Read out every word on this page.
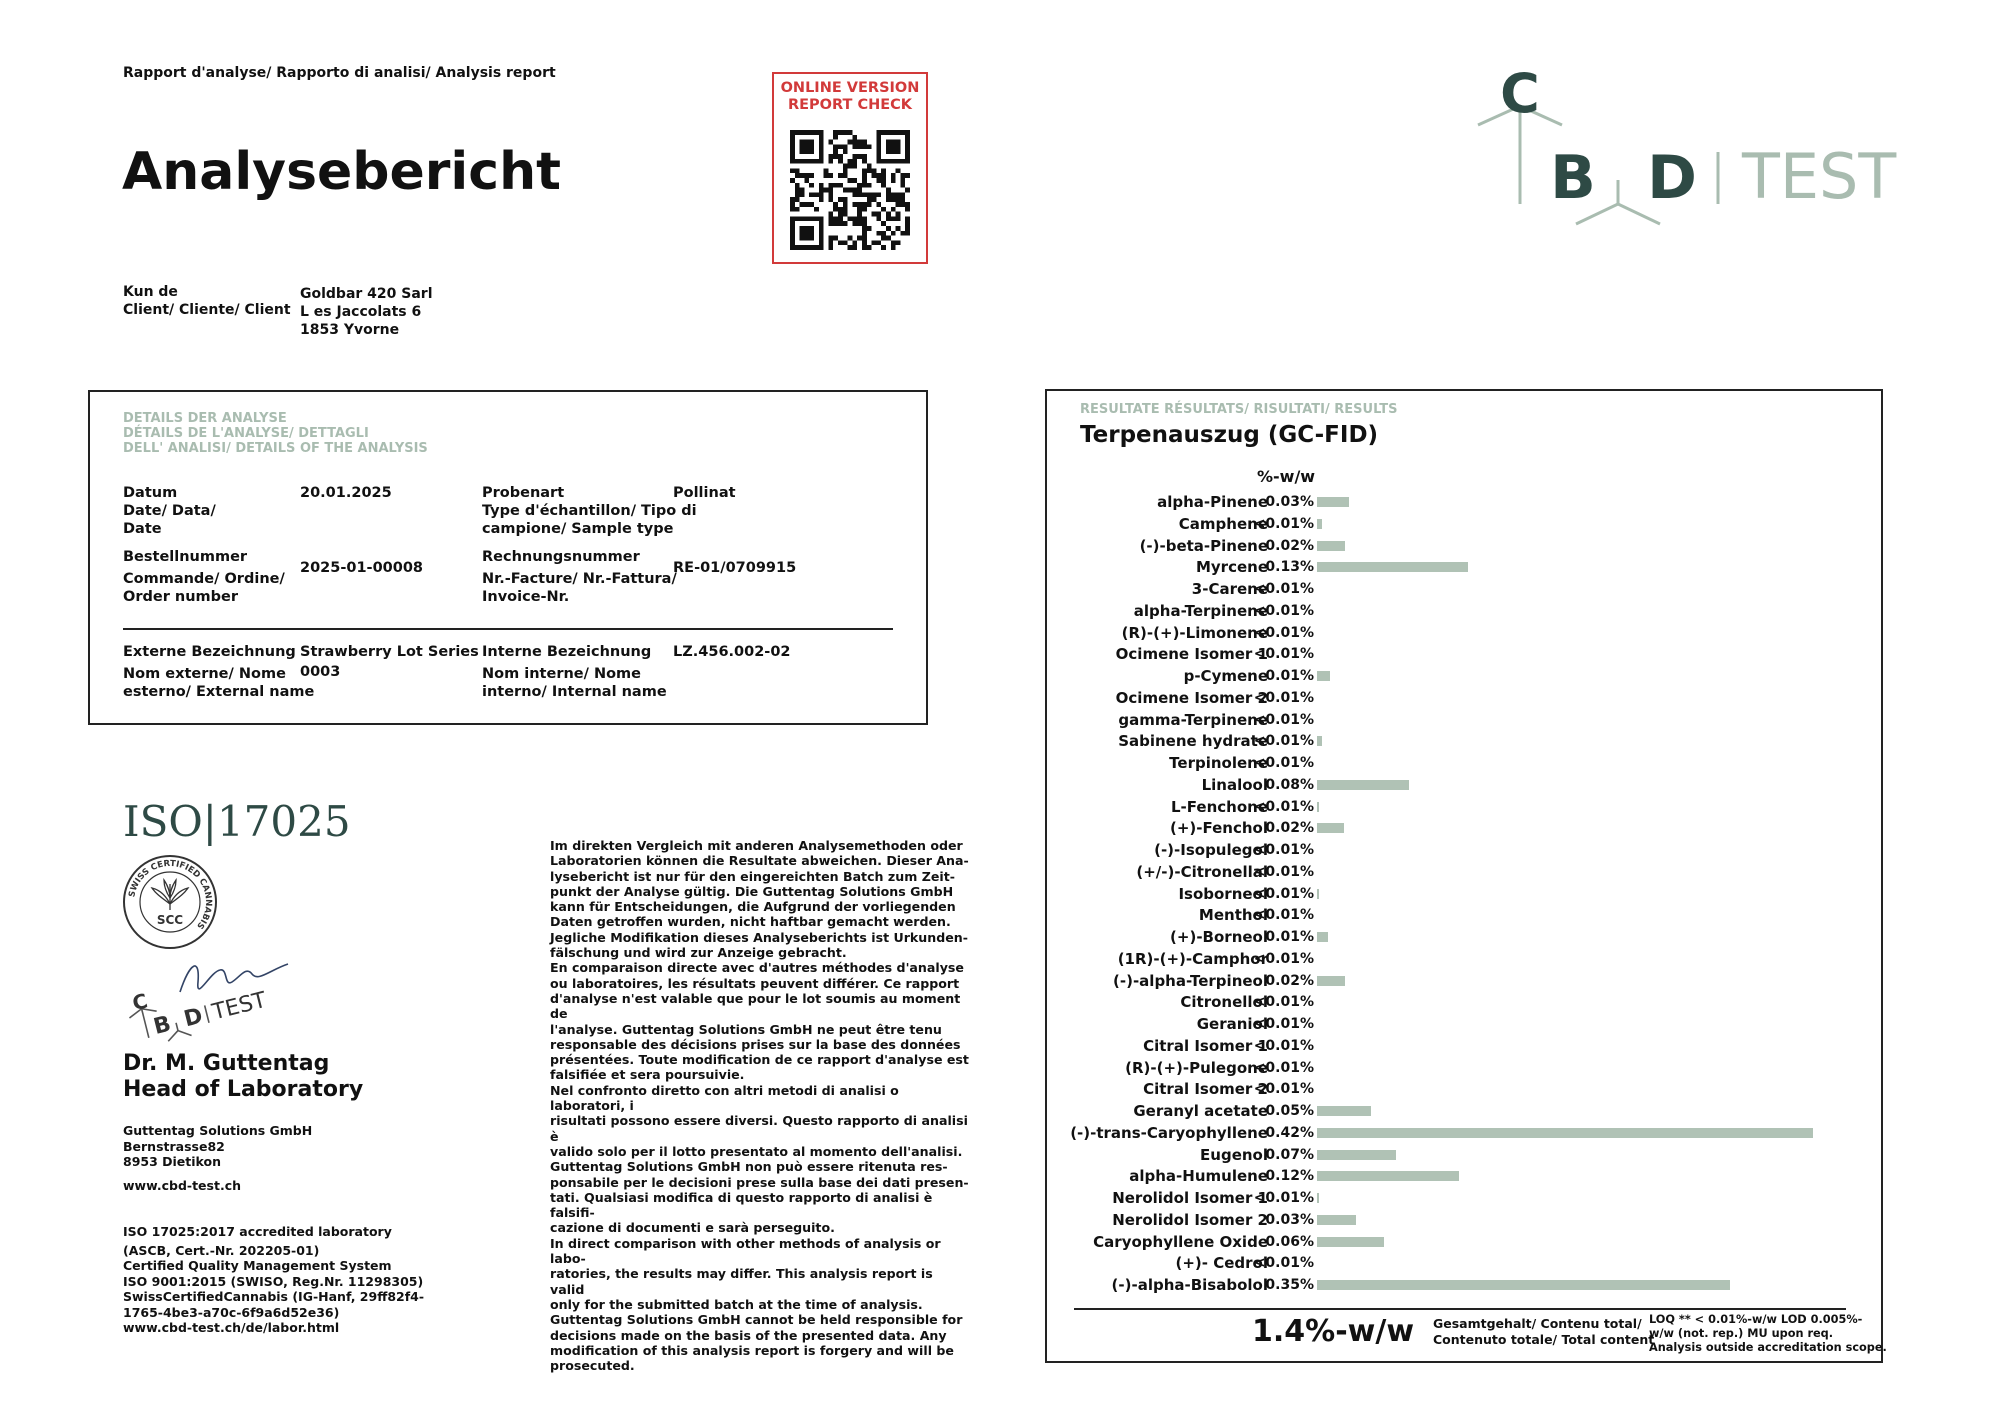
Rapport d'analyse/ Rapporto di analisi/ Analysis report
Analysebericht
ONLINE VERSION
REPORT CHECK	C
B D TEST
Kun de
Client/ Cliente/ Client
Goldbar 420 Sarl
L es Jaccolats 6
1853 Yvorne
DETAILS DER ANALYSE
DÉTAILS DE L'ANALYSE/ DETTAGLI
DELL' ANALISI/ DETAILS OF THE ANALYSIS
Datum
Date/ Data/
Date
20.01.2025	Probenart
Type d'échantillon/ Tipo di
campione/ Sample type
Pollinat
Bestellnummer
Commande/ Ordine/
Order number
2025-01-00008
Rechnungsnummer
Nr.-Facture/ Nr.-Fattura/
Invoice-Nr.
RE-01/0709915
Externe Bezeichnung
Nom externe/ Nome
esterno/ External name
Strawberry Lot Series
0003
Interne Bezeichnung
Nom interne/ Nome
interno/ Internal name
LZ.456.002-02
ISO|17025
SWISS CERTIFIED CANNABIS
SCC
C
B D TEST
Dr. M. Guttentag
Head of Laboratory
Guttentag Solutions GmbH
Bernstrasse82
8953 Dietikon
www.cbd-test.ch
ISO 17025:2017 accredited laboratory
(ASCB, Cert.-Nr. 202205-01)
Certified Quality Management System
ISO 9001:2015 (SWISO, Reg.Nr. 11298305)
SwissCertifiedCannabis (IG-Hanf, 29ff82f4-
1765-4be3-a70c-6f9a6d52e36)
www.cbd-test.ch/de/labor.html
Im direkten Vergleich mit anderen Analysemethoden oder
Laboratorien können die Resultate abweichen. Dieser Ana-
lysebericht ist nur für den eingereichten Batch zum Zeit-
punkt der Analyse gültig. Die Guttentag Solutions GmbH
kann für Entscheidungen, die Aufgrund der vorliegenden
Daten getroffen wurden, nicht haftbar gemacht werden.
Jegliche Modifikation dieses Analyseberichts ist Urkunden-
fälschung und wird zur Anzeige gebracht.
En comparaison directe avec d'autres méthodes d'analyse
ou laboratoires, les résultats peuvent différer. Ce rapport
d'analyse n'est valable que pour le lot soumis au moment de
l'analyse. Guttentag Solutions GmbH ne peut être tenu
responsable des décisions prises sur la base des données
présentées. Toute modification de ce rapport d'analyse est
falsifiée et sera poursuivie.
Nel confronto diretto con altri metodi di analisi o laboratori, i
risultati possono essere diversi. Questo rapporto di analisi è
valido solo per il lotto presentato al momento dell'analisi.
Guttentag Solutions GmbH non può essere ritenuta res-
ponsabile per le decisioni prese sulla base dei dati presen-
tati. Qualsiasi modifica di questo rapporto di analisi è falsifi-
cazione di documenti e sarà perseguito.
In direct comparison with other methods of analysis or labo-
ratories, the results may differ. This analysis report is valid
only for the submitted batch at the time of analysis.
Guttentag Solutions GmbH cannot be held responsible for
decisions made on the basis of the presented data. Any
modification of this analysis report is forgery and will be
prosecuted.
RESULTATE RÉSULTATS/ RISULTATI/ RESULTS
Terpenauszug (GC-FID)
%-w/w
alpha-Pinene
0.03%
Camphene
<0.01%
(-)-beta-Pinene
0.02%
Myrcene
0.13%
3-Carene
<0.01%
alpha-Terpinene
<0.01%
(R)-(+)-Limonene
<0.01%
Ocimene Isomer 1
<0.01%
p-Cymene
0.01%
Ocimene Isomer 2
<0.01%
gamma-Terpinene
<0.01%
Sabinene hydrate
<0.01%
Terpinolene
<0.01%
Linalool
0.08%
L-Fenchone
<0.01%
(+)-Fenchol
0.02%
(-)-Isopulegol
<0.01%
(+/-)-Citronellal
<0.01%
Isoborneol
<0.01%
Menthol
<0.01%
(+)-Borneol
0.01%
(1R)-(+)-Camphor
<0.01%
(-)-alpha-Terpineol
0.02%
Citronellol
<0.01%
Geraniol
<0.01%
Citral Isomer 1
<0.01%
(R)-(+)-Pulegone
<0.01%
Citral Isomer 2
<0.01%
Geranyl acetate
0.05%
(-)-trans-Caryophyllene
0.42%
Eugenol
0.07%
alpha-Humulene
0.12%
Nerolidol Isomer 1
<0.01%
Nerolidol Isomer 2
0.03%
Caryophyllene Oxide
0.06%
(+)- Cedrol
<0.01%
(-)-alpha-Bisabolol
0.35%
1.4%-w/w Gesamtgehalt/ Contenu total/
Contenuto totale/ Total content
LOQ ** < 0.01%-w/w LOD 0.005%-
w/w (not. rep.) MU upon req.
Analysis outside accreditation scope.
